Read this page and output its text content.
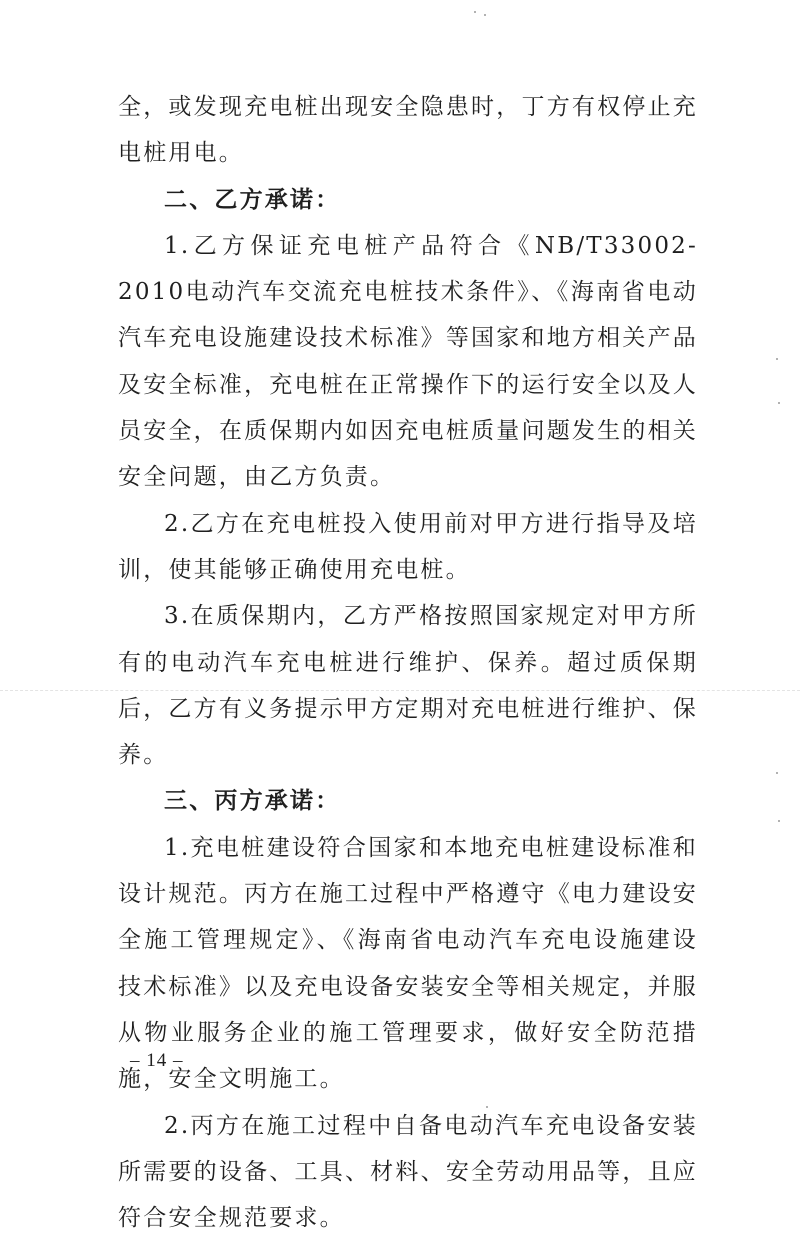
全，或发现充电桩出现安全隐患时，丁方有权停止充电桩用电。

二、乙方承诺：

1.乙方保证充电桩产品符合《NB/T33002-2010电动汽车交流充电桩技术条件》、《海南省电动汽车充电设施建设技术标准》等国家和地方相关产品及安全标准，充电桩在正常操作下的运行安全以及人员安全，在质保期内如因充电桩质量问题发生的相关安全问题，由乙方负责。

2.乙方在充电桩投入使用前对甲方进行指导及培训，使其能够正确使用充电桩。

3.在质保期内，乙方严格按照国家规定对甲方所有的电动汽车充电桩进行维护、保养。超过质保期后，乙方有义务提示甲方定期对充电桩进行维护、保养。

三、丙方承诺：

1.充电桩建设符合国家和本地充电桩建设标准和设计规范。丙方在施工过程中严格遵守《电力建设安全施工管理规定》、《海南省电动汽车充电设施建设技术标准》以及充电设备安装安全等相关规定，并服从物业服务企业的施工管理要求，做好安全防范措施，安全文明施工。

2.丙方在施工过程中自备电动汽车充电设备安装所需要的设备、工具、材料、安全劳动用品等，且应符合安全规范要求。

– 14 –
